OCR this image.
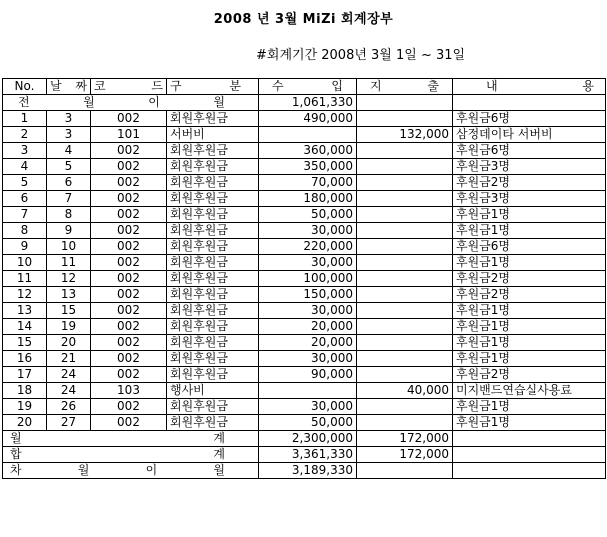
2008 년 3월 MiZi 회계장부
#회계기간 2008년 3월 1일 ~ 31일
No.	날 짜	코 드	구 분	수 입	지 출	내 용

전 월 이 월				1,061,330		
1	3	002	회원후원금	490,000		후원금6명
2	3	101	서버비		132,000	삼정데이타 서버비
3	4	002	회원후원금	360,000		후원금6명
4	5	002	회원후원금	350,000		후원금3명
5	6	002	회원후원금	70,000		후원금2명
6	7	002	회원후원금	180,000		후원금3명
7	8	002	회원후원금	50,000		후원금1명
8	9	002	회원후원금	30,000		후원금1명
9	10	002	회원후원금	220,000		후원금6명
10	11	002	회원후원금	30,000		후원금1명
11	12	002	회원후원금	100,000		후원금2명
12	13	002	회원후원금	150,000		후원금2명
13	15	002	회원후원금	30,000		후원금1명
14	19	002	회원후원금	20,000		후원금1명
15	20	002	회원후원금	20,000		후원금1명
16	21	002	회원후원금	30,000		후원금1명
17	24	002	회원후원금	90,000		후원금2명
18	24	103	행사비		40,000	미지밴드연습실사용료
19	26	002	회원후원금	30,000		후원금1명
20	27	002	회원후원금	50,000		후원금1명

월 계				2,300,000	172,000	

합 계				3,361,330	172,000	

차 월 이 월				3,189,330		
